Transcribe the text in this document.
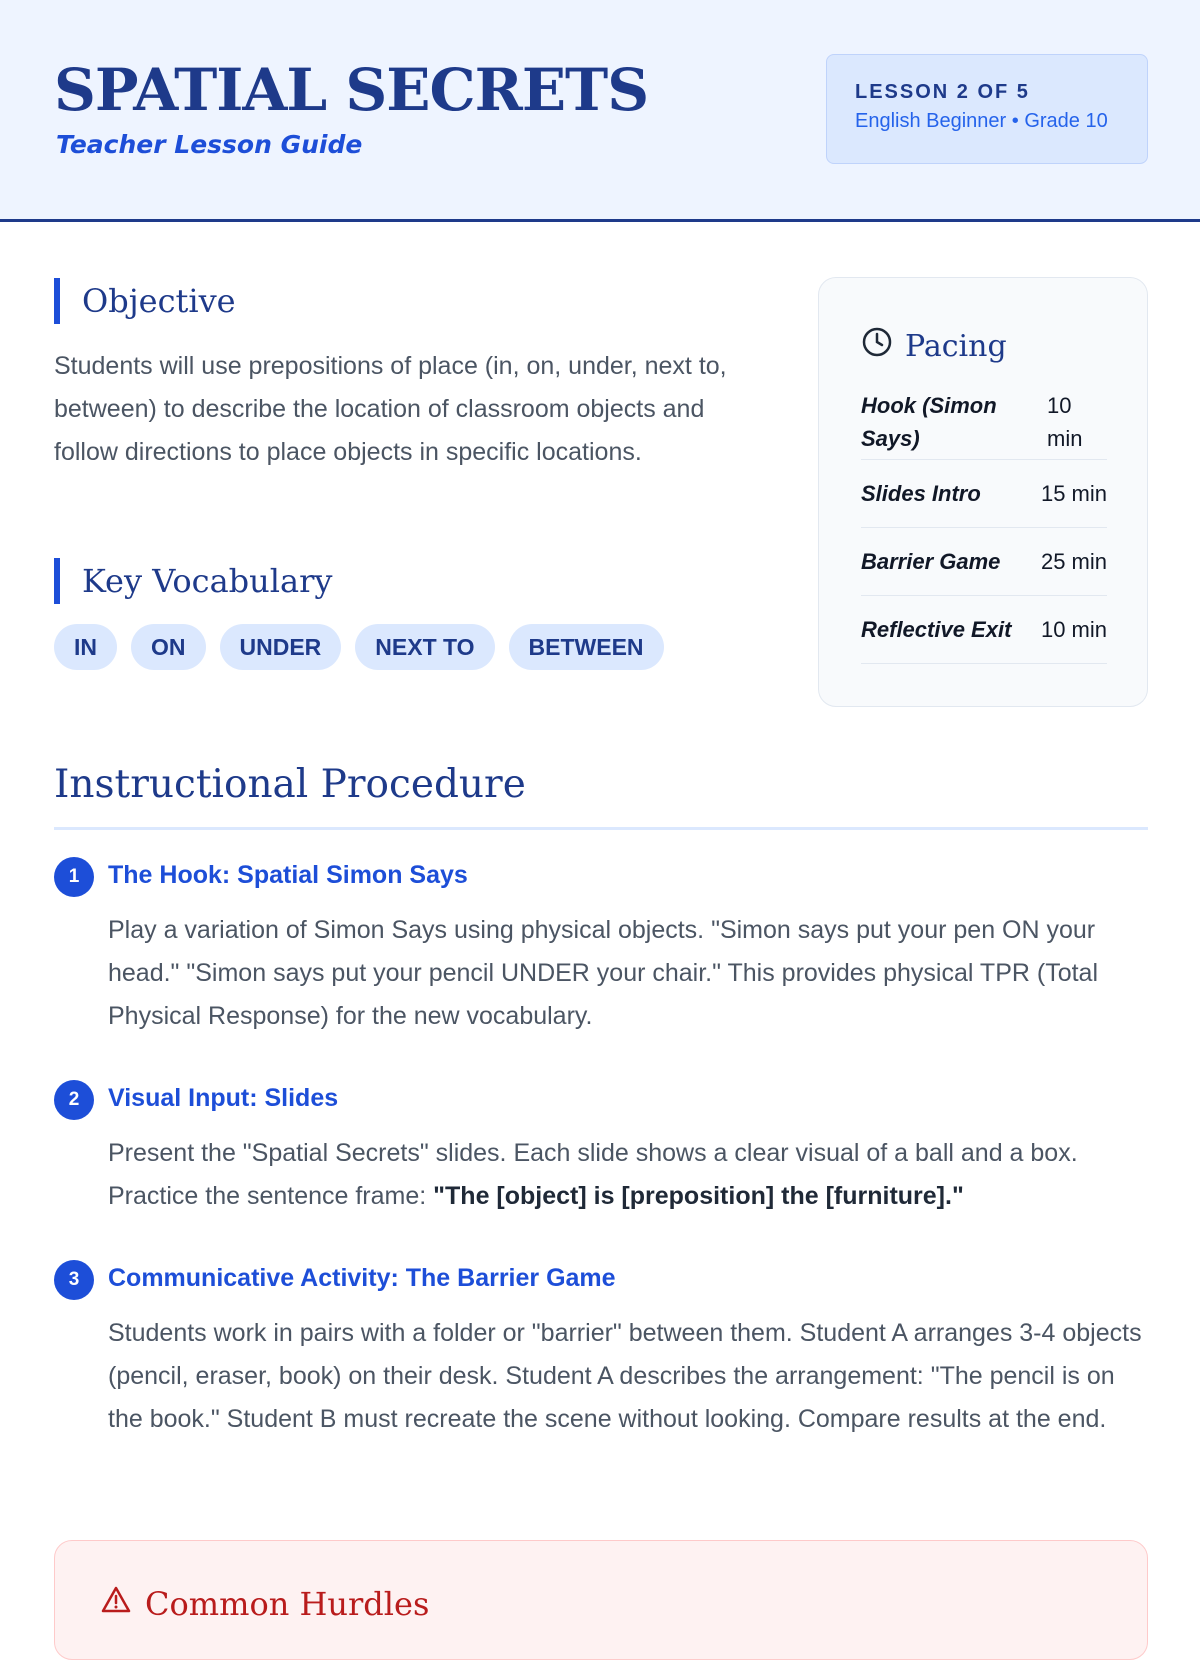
SPATIAL SECRETS
Teacher Lesson Guide
LESSON 2 OF 5
English Beginner • Grade 10
Objective
Students will use prepositions of place (in, on, under, next to, between) to describe the location of classroom objects and follow directions to place objects in specific locations.
Key Vocabulary
IN	ON	UNDER	NEXT TO	BETWEEN
Pacing
Hook (Simon Says)
10 min
Slides Intro	15 min
Barrier Game 25 min
Reflective Exit 10 min
Instructional Procedure
1	The Hook: Spatial Simon Says
Play a variation of Simon Says using physical objects. "Simon says put your pen ON your head." "Simon says put your pencil UNDER your chair." This provides physical TPR (Total Physical Response) for the new vocabulary.
2	Visual Input: Slides
Present the "Spatial Secrets" slides. Each slide shows a clear visual of a ball and a box. Practice the sentence frame: "The [object] is [preposition] the [furniture]."
3	Communicative Activity: The Barrier Game
Students work in pairs with a folder or "barrier" between them. Student A arranges 3-4 objects (pencil, eraser, book) on their desk. Student A describes the arrangement: "The pencil is on the book." Student B must recreate the scene without looking. Compare results at the end.
Common Hurdles
